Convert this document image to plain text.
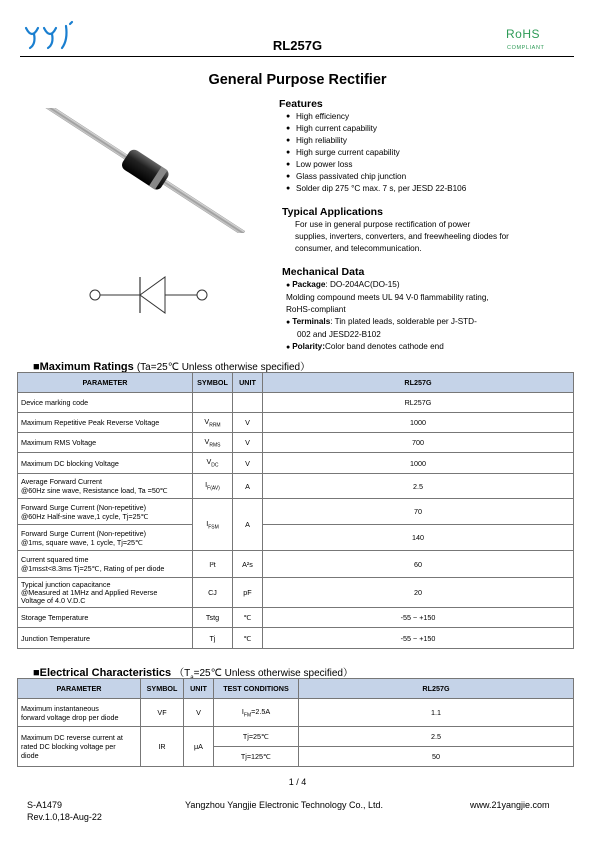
RL257G
RoHS
COMPLIANT
General Purpose Rectifier
Features
● High efficiency
● High current capability
● High reliability
● High surge current capability
● Low power loss
● Glass passivated chip junction
● Solder dip 275 °C max. 7 s, per JESD 22-B106
Typical Applications
For use in general purpose rectification of power
supplies, inverters, converters, and freewheeling diodes for
consumer, and telecommunication.
Mechanical Data
● Package: DO-204AC(DO-15)
Molding compound meets UL 94 V-0 flammability rating,
RoHS-compliant
● Terminals: Tin plated leads, solderable per J-STD-
002 and JESD22-B102
● Polarity:Color band denotes cathode end
■Maximum Ratings (Ta=25℃ Unless otherwise specified）
PARAMETER	SYMBOL	UNIT	RL257G
Device marking code			RL257G
Maximum Repetitive Peak Reverse Voltage	$V_{RRM}$	V	1000
Maximum RMS Voltage	$V_{RMS}$	V	700
Maximum DC blocking Voltage	$V_{DC}$	V	1000

Average Forward Current
@60Hz sine wave, Resistance load, Ta =50℃	$I_{F(AV)}$	A	2.5

Forward Surge Current (Non-repetitive)
@60Hz Half-sine wave,1 cycle, Tj=25℃	$I_{FSM}$	A	70

Forward Surge Current (Non-repetitive)
@1ms, square wave, 1 cycle, Tj=25℃			140

Current squared time
@1ms≤t<8.3ms Tj=25℃, Rating of per diode	I²t	A²s	60

Typical junction capacitance
@Measured at 1MHz and Applied Reverse
Voltage of 4.0 V.D.C	CJ	pF	20
Storage Temperature	Tstg	℃	-55 ~ +150
Junction Temperature	Tj	℃	-55 ~ +150
■Electrical Characteristics （T =25℃ Unless otherwise specified）
PARAMETER	SYMBOL	UNIT	TEST CONDITIONS	RL257G

Maximum instantaneous
forward voltage drop per diode	VF	V	$I_{FM}=2.5A$	1.1

Maximum DC reverse current at
rated DC blocking voltage per
diode	IR	μA	Tj=25℃	2.5
			Tj=125℃	50
1 / 4
S-A1479
Rev.1.0,18-Aug-22
Yangzhou Yangjie Electronic Technology Co., Ltd.	www.21yangjie.com
